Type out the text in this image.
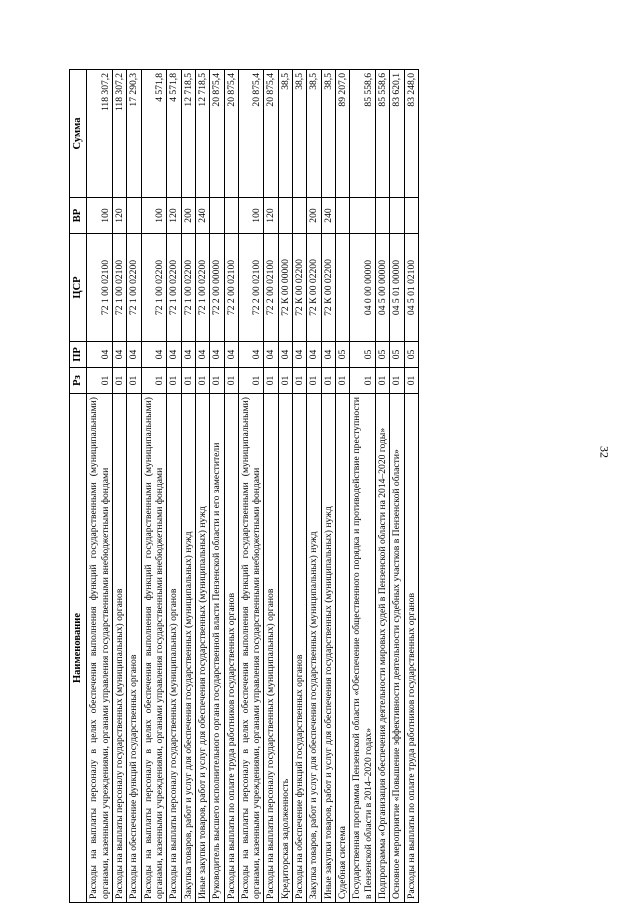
32
Наименование	Рз	ПР	ЦСР	ВР	Сумма
Расходы на выплаты персоналу в целях обеспечения выполнения функций государственными (муниципальными) органами, казенными учреждениями, органами управления государственными внебюджетными фондами	01	04	72 1 00 02100	100	118 307,2
Расходы на выплаты персоналу государственных (муниципальных) органов	01	04	72 1 00 02100	120	118 307,2
Расходы на обеспечение функций государственных органов	01	04	72 1 00 02200		17 290,3
Расходы на выплаты персоналу в целях обеспечения выполнения функций государственными (муниципальными) органами, казенными учреждениями, органами управления государственными внебюджетными фондами	01	04	72 1 00 02200	100	4 571,8
Расходы на выплаты персоналу государственных (муниципальных) органов	01	04	72 1 00 02200	120	4 571,8
Закупка товаров, работ и услуг для обеспечения государственных (муниципальных) нужд	01	04	72 1 00 02200	200	12 718,5
Иные закупки товаров, работ и услуг для обеспечения государственных (муниципальных) нужд	01	04	72 1 00 02200	240	12 718,5
Руководитель высшего исполнительного органа государственной власти Пензенской области и его заместители	01	04	72 2 00 00000		20 875,4
Расходы на выплаты по оплате труда работников государственных органов	01	04	72 2 00 02100		20 875,4
Расходы на выплаты персоналу в целях обеспечения выполнения функций государственными (муниципальными) органами, казенными учреждениями, органами управления государственными внебюджетными фондами	01	04	72 2 00 02100	100	20 875,4
Расходы на выплаты персоналу государственных (муниципальных) органов	01	04	72 2 00 02100	120	20 875,4
Кредиторская задолженность	01	04	72 К 00 00000		38,5
Расходы на обеспечение функций государственных органов	01	04	72 К 00 02200		38,5
Закупка товаров, работ и услуг для обеспечения государственных (муниципальных) нужд	01	04	72 К 00 02200	200	38,5
Иные закупки товаров, работ и услуг для обеспечения государственных (муниципальных) нужд	01	04	72 К 00 02200	240	38,5
Судебная система	01	05			89 207,0
Государственная программа Пензенской области «Обеспечение общественного порядка и противодействие преступности в Пензенской области в 2014–2020 годах»	01	05	04 0 00 00000		85 558,6
Подпрограмма «Организация обеспечения деятельности мировых судей в Пензенской области на 2014–2020 годы»	01	05	04 5 00 00000		85 558,6
Основное мероприятие «Повышение эффективности деятельности судебных участков в Пензенской области»	01	05	04 5 01 00000		83 620,1
Расходы на выплаты по оплате труда работников государственных органов	01	05	04 5 01 02100		83 248,0
